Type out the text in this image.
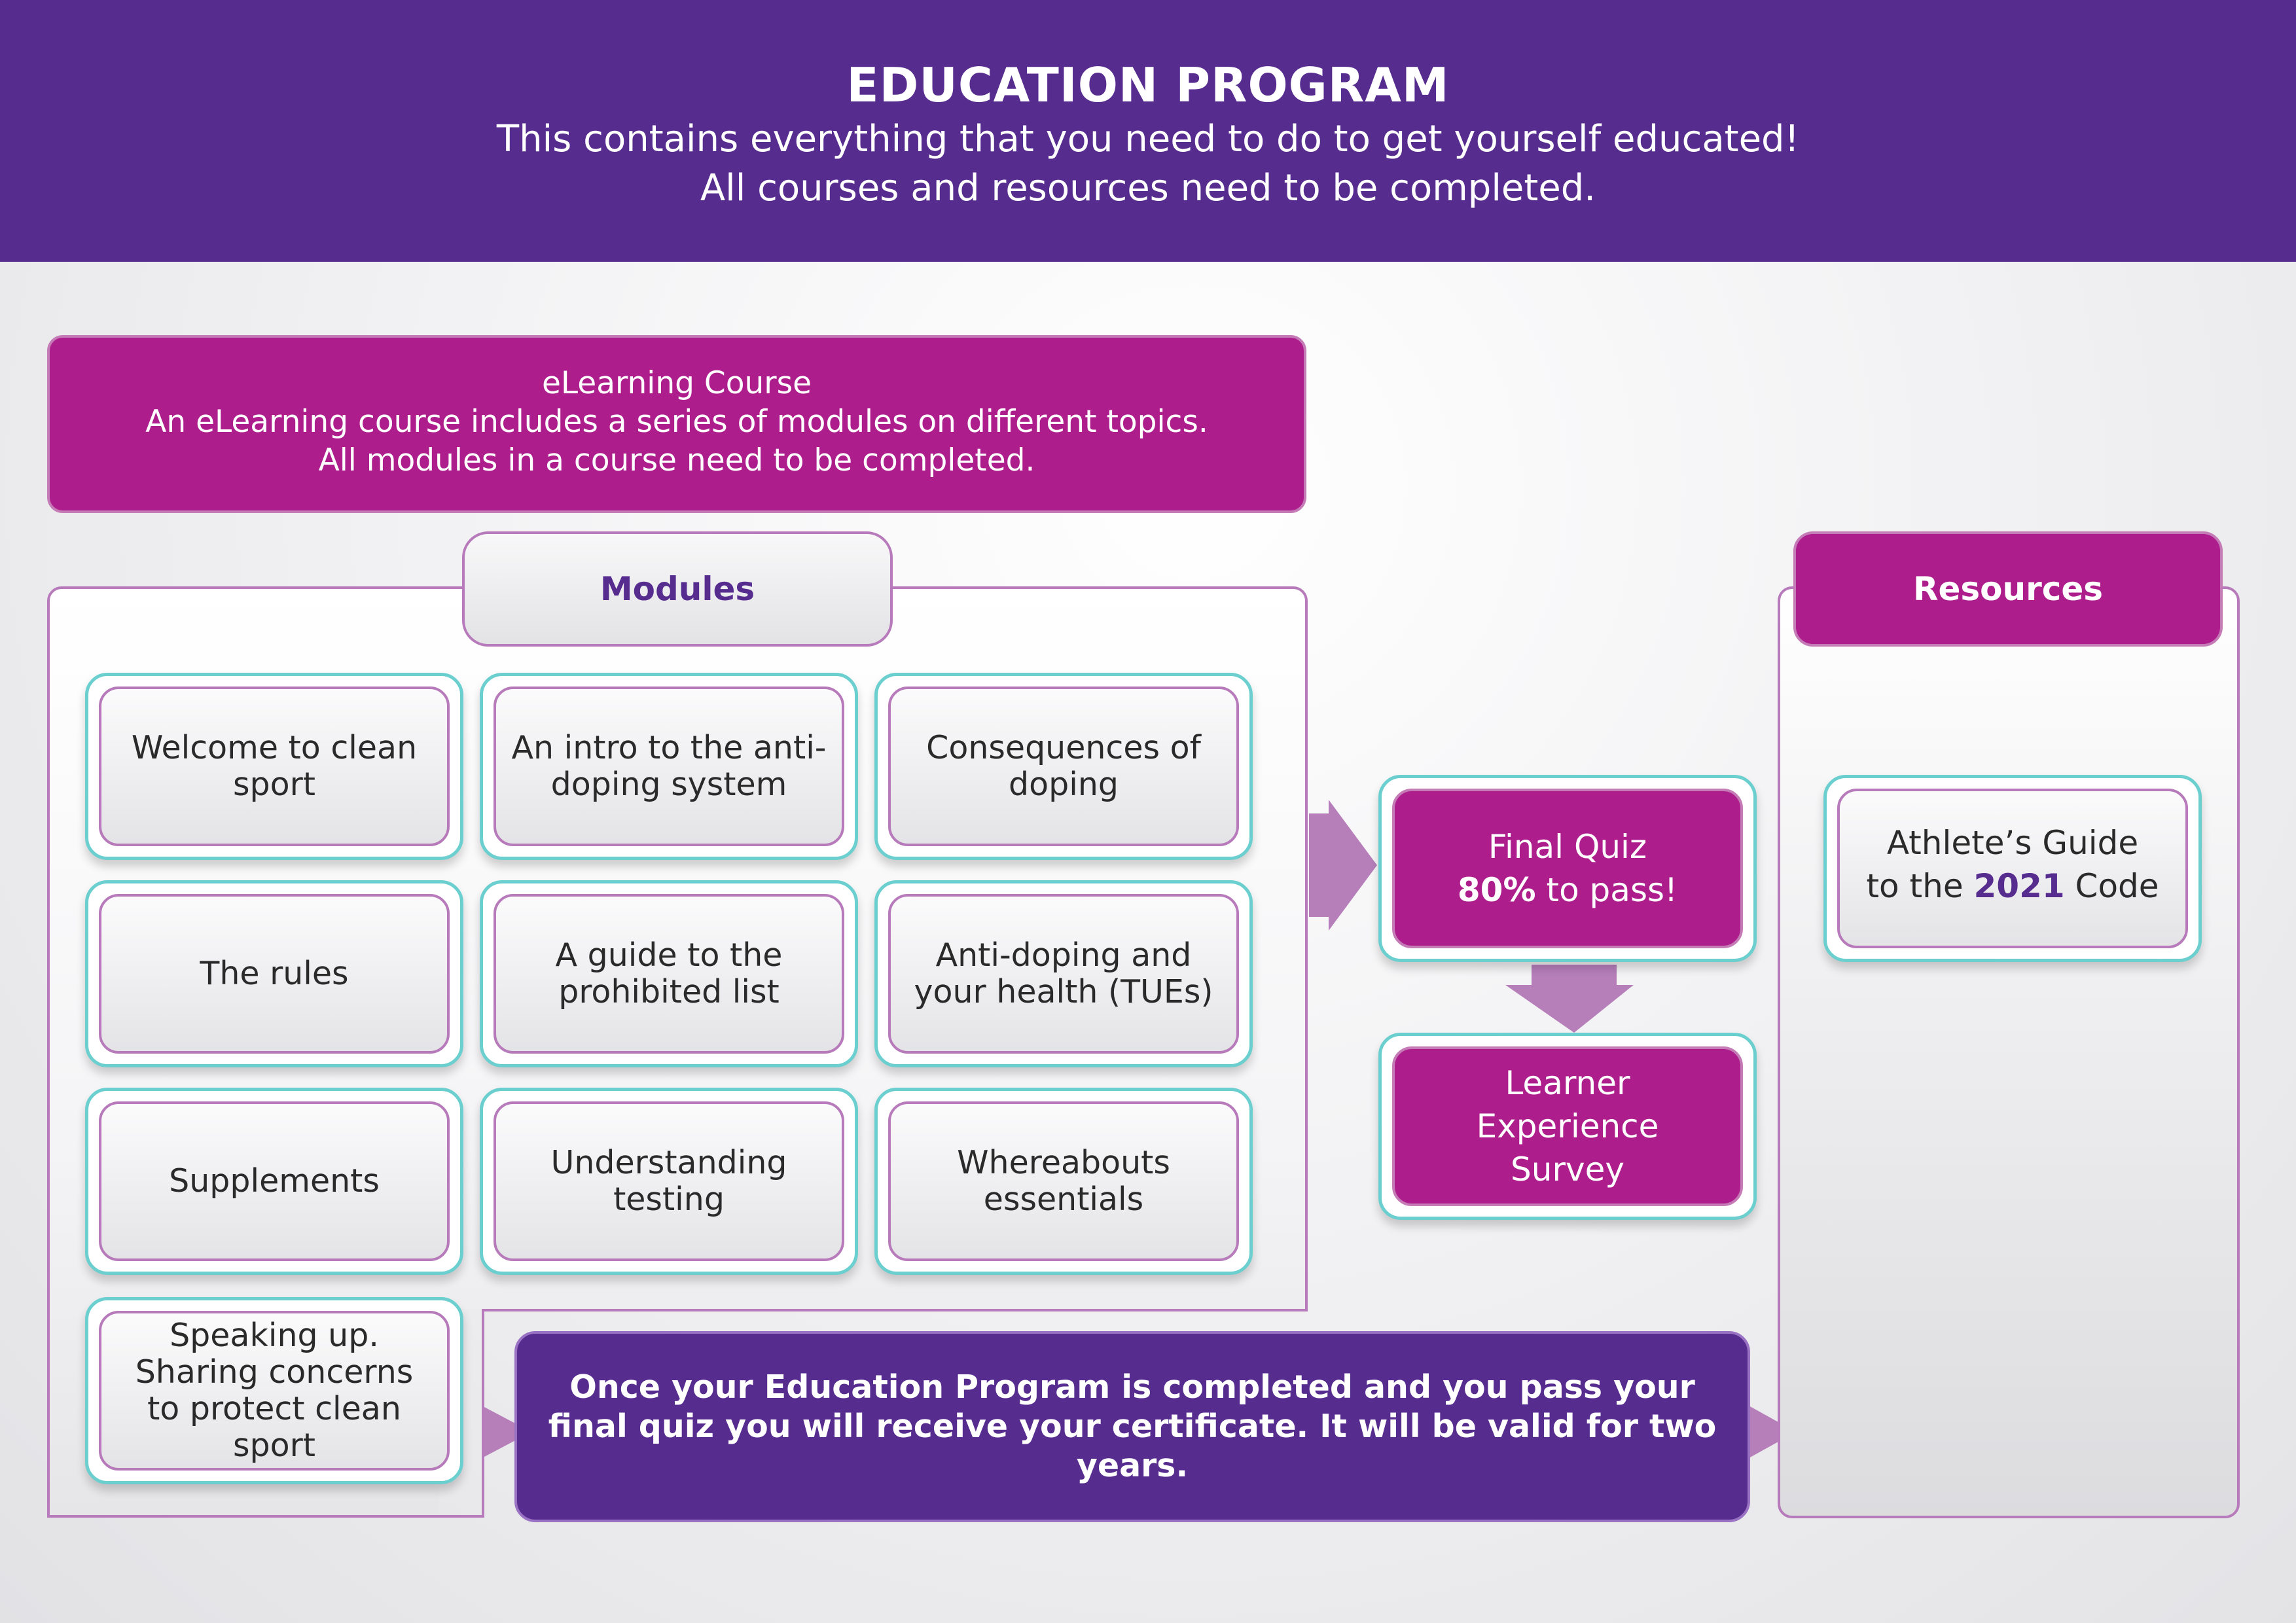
EDUCATION PROGRAM
This contains everything that you need to do to get yourself educated!
All courses and resources need to be completed.
eLearning Course
An eLearning course includes a series of modules on different topics.
All modules in a course need to be completed.
Modules
Welcome to clean sport
An intro to the anti-doping system
Consequences of doping
The rules	A guide to the prohibited list
Anti-doping and your health (TUEs)
Supplements	Understanding testing
Whereabouts essentials
Speaking up. Sharing concerns to protect clean sport
Final Quiz
80% to pass!
Learner Experience Survey
Resources
Athlete’s Guide to the 2021 Code
Once your Education Program is completed and you pass your final quiz you will receive your certificate. It will be valid for two years.
